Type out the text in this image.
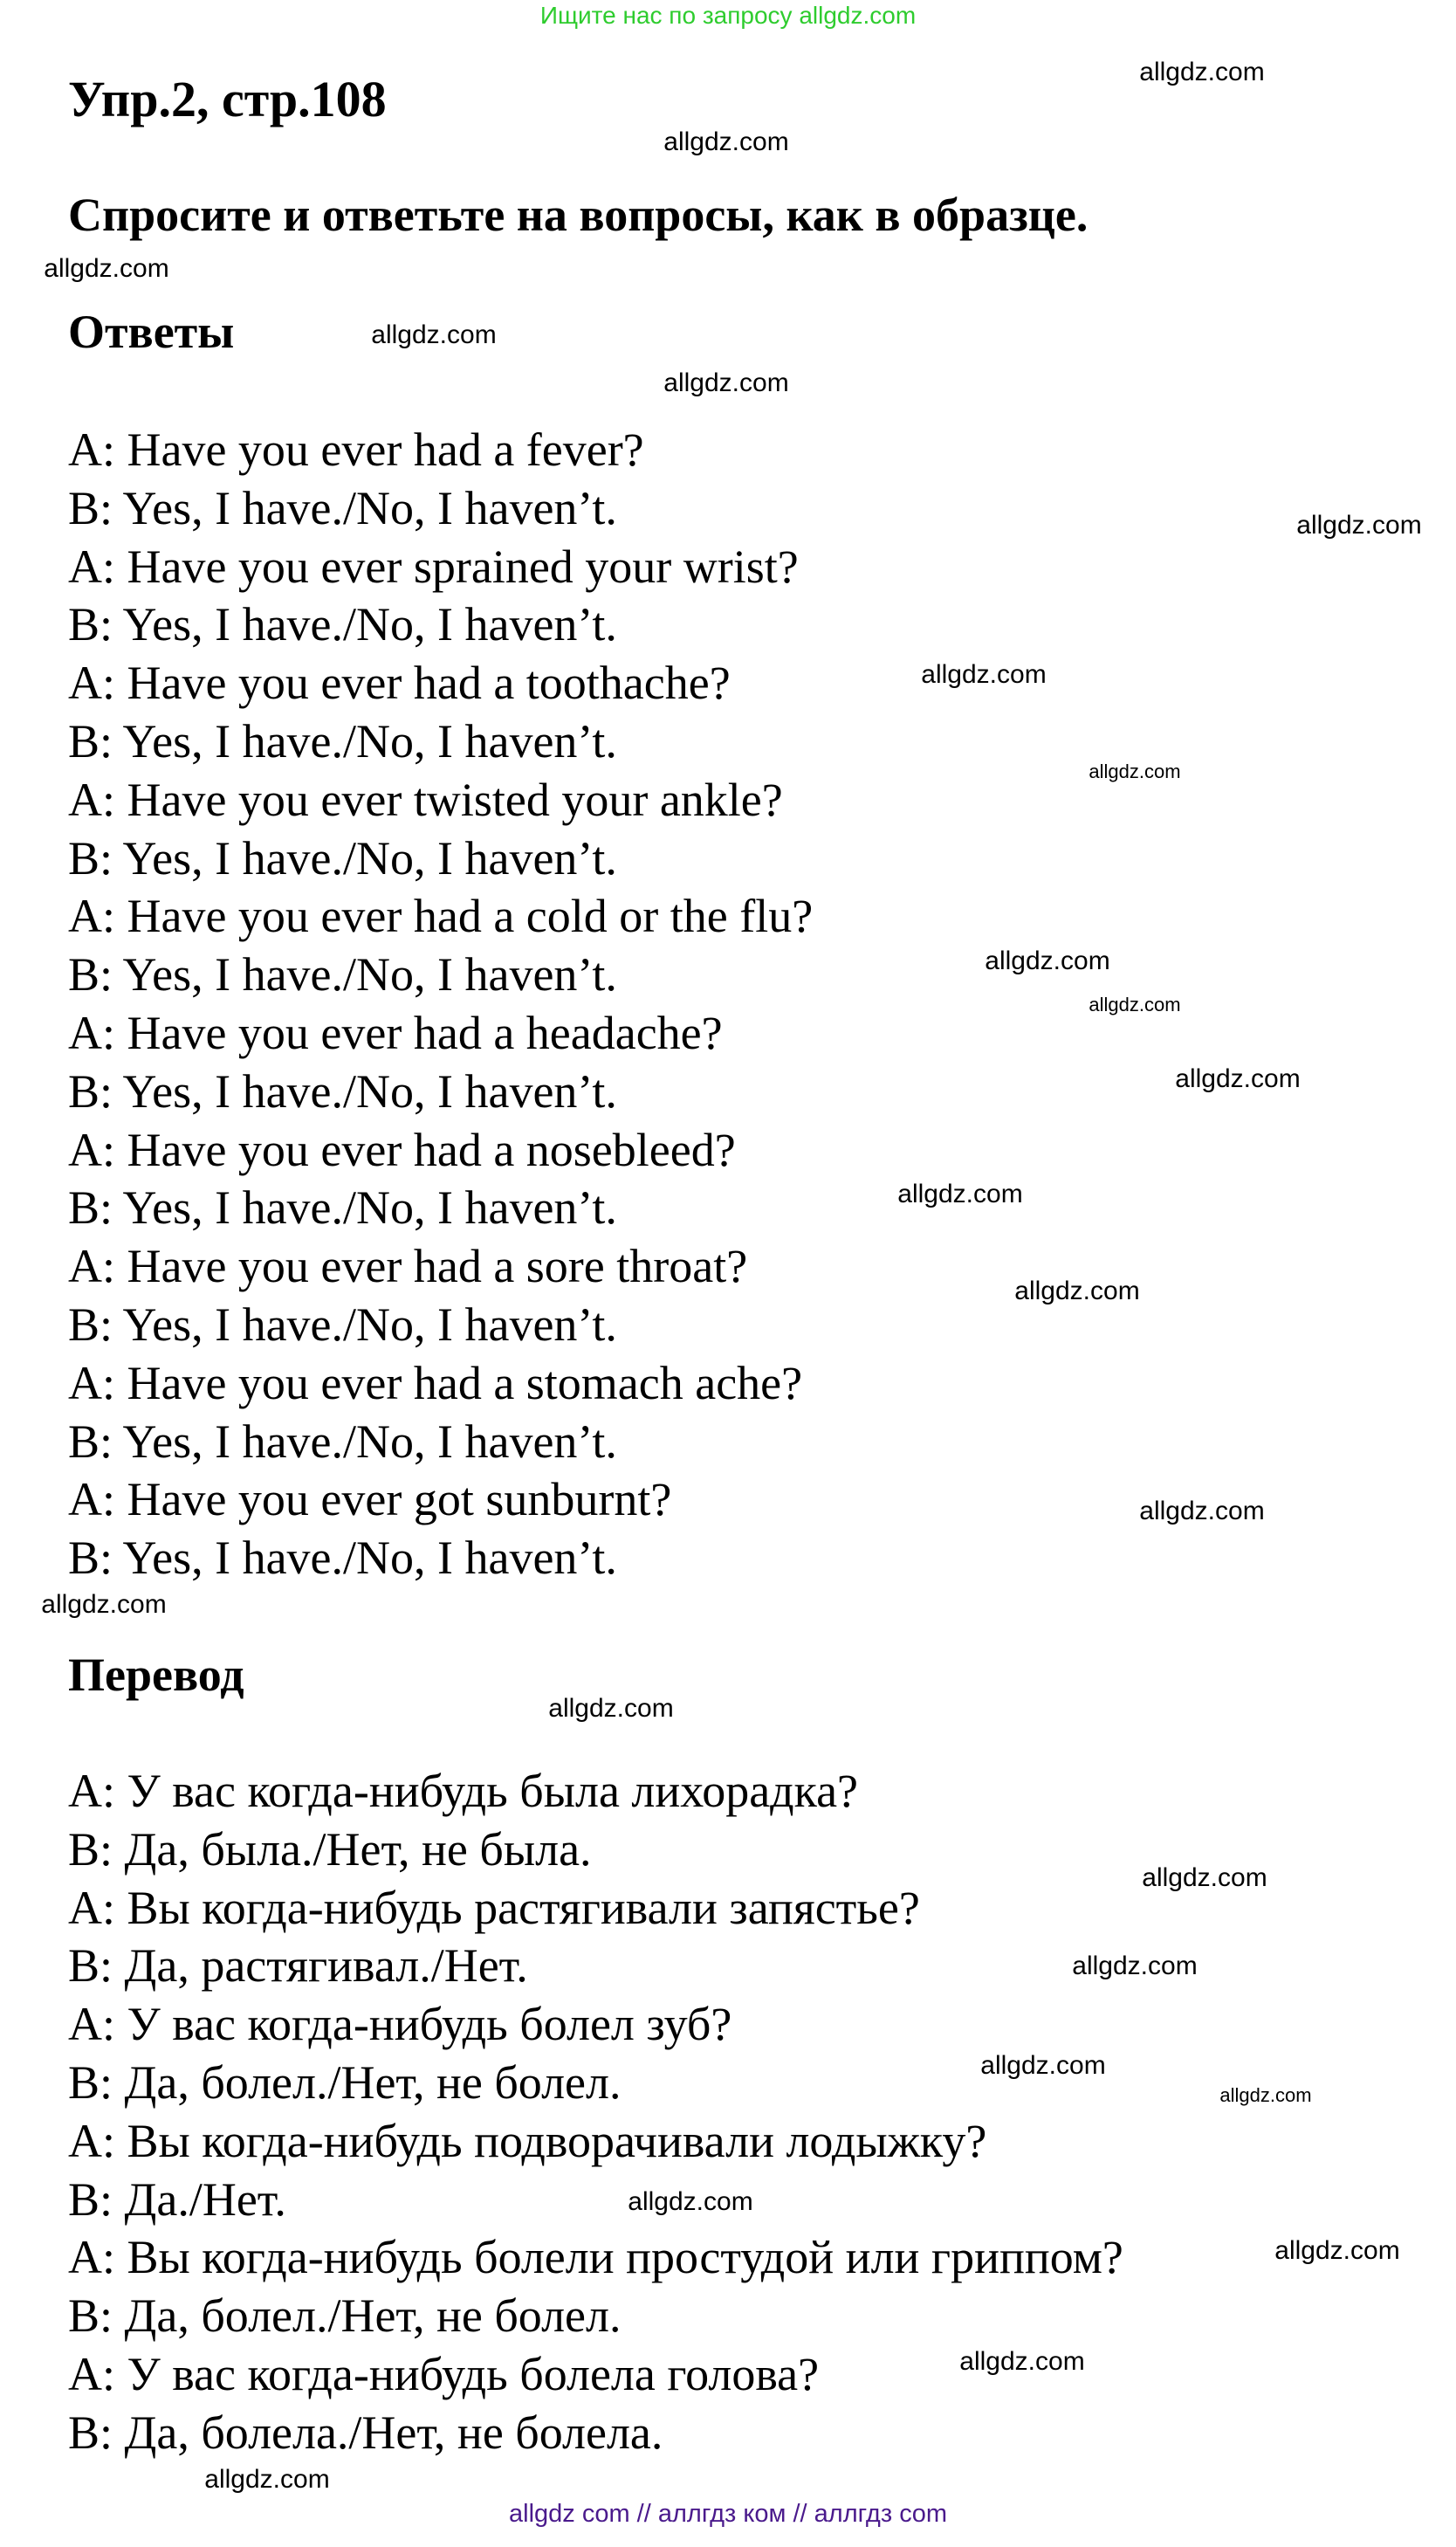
Ищите нас по запросу allgdz.com
Упр.2, стр.108
Спросите и ответьте на вопросы, как в образце.
Ответы
A: Have you ever had a fever?
B: Yes, I have./No, I haven’t.
A: Have you ever sprained your wrist?
B: Yes, I have./No, I haven’t.
A: Have you ever had a toothache?
B: Yes, I have./No, I haven’t.
A: Have you ever twisted your ankle?
B: Yes, I have./No, I haven’t.
A: Have you ever had a cold or the flu?
B: Yes, I have./No, I haven’t.
A: Have you ever had a headache?
B: Yes, I have./No, I haven’t.
A: Have you ever had a nosebleed?
B: Yes, I have./No, I haven’t.
A: Have you ever had a sore throat?
B: Yes, I have./No, I haven’t.
A: Have you ever had a stomach ache?
B: Yes, I have./No, I haven’t.
A: Have you ever got sunburnt?
B: Yes, I have./No, I haven’t.
Перевод
A: У вас когда-нибудь была лихорадка?
B: Да, была./Нет, не была.
A: Вы когда-нибудь растягивали запястье?
B: Да, растягивал./Нет.
A: У вас когда-нибудь болел зуб?
B: Да, болел./Нет, не болел.
A: Вы когда-нибудь подворачивали лодыжку?
B: Да./Нет.
A: Вы когда-нибудь болели простудой или гриппом?
B: Да, болел./Нет, не болел.
A: У вас когда-нибудь болела голова?
B: Да, болела./Нет, не болела.
allgdz.com
allgdz.com
allgdz.com
allgdz.com
allgdz.com
allgdz.com
allgdz.com
allgdz.com
allgdz.com
allgdz.com
allgdz.com
allgdz.com
allgdz.com
allgdz.com
allgdz.com
allgdz.com
allgdz.com
allgdz.com
allgdz.com
allgdz.com
allgdz.com
allgdz.com
allgdz.com
allgdz.com
allgdz com // аллгдз ком // аллгдз com
